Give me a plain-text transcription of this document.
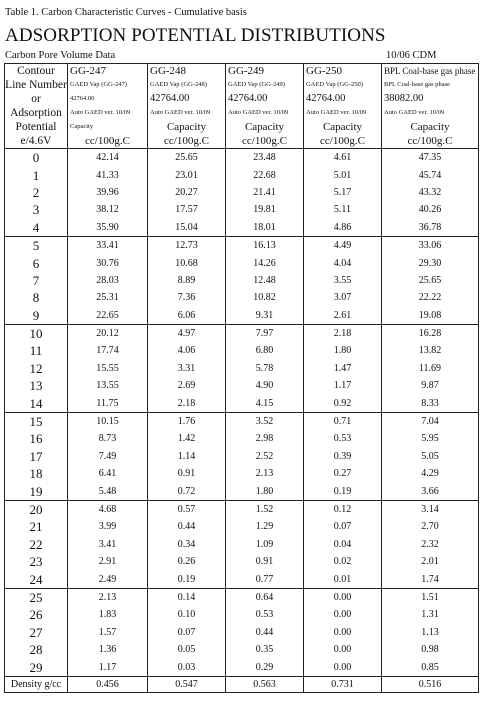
Table 1. Carbon Characteristic Curves - Cumulative basis
ADSORPTION POTENTIAL DISTRIBUTIONS
Carbon Pore Volume Data	10/06 CDM
Contour	GG-247	GG-248	GG-249	GG-250	BPL Coal-base gas phase
Line Number	GAED Vap (GG-247)	GAED Vap (GG-248)	GAED Vap (GG-249)	GAED Vap (GG-250)	BPL Coal-base gas phase
or	42764.00	42764.00	42764.00	42764.00	38082.00
Adsorption	Auto GAED ver. 10/09	Auto GAED ver. 10/09	Auto GAED ver. 10/09	Auto GAED ver. 10/09	Auto GAED ver. 10/09
Potential	Capacity	Capacity	Capacity	Capacity	Capacity
e/4.6V	cc/100g.C	cc/100g.C	cc/100g.C	cc/100g.C	cc/100g.C
0	42.14	25.65	23.48	4.61	47.35
1	41.33	23.01	22.68	5.01	45.74
2	39.96	20.27	21.41	5.17	43.32
3	38.12	17.57	19.81	5.11	40.26
4	35.90	15.04	18.01	4.86	36.78
5	33.41	12.73	16.13	4.49	33.06
6	30.76	10.68	14.26	4.04	29.30
7	28.03	8.89	12.48	3.55	25.65
8	25.31	7.36	10.82	3.07	22.22
9	22.65	6.06	9.31	2.61	19.08
10	20.12	4.97	7.97	2.18	16.28
11	17.74	4.06	6.80	1.80	13.82
12	15.55	3.31	5.78	1.47	11.69
13	13.55	2.69	4.90	1.17	9.87
14	11.75	2.18	4.15	0.92	8.33
15	10.15	1.76	3.52	0.71	7.04
16	8.73	1.42	2.98	0.53	5.95
17	7.49	1.14	2.52	0.39	5.05
18	6.41	0.91	2.13	0.27	4.29
19	5.48	0.72	1.80	0.19	3.66
20	4.68	0.57	1.52	0.12	3.14
21	3.99	0.44	1.29	0.07	2.70
22	3.41	0.34	1.09	0.04	2.32
23	2.91	0.26	0.91	0.02	2.01
24	2.49	0.19	0.77	0.01	1.74
25	2.13	0.14	0.64	0.00	1.51
26	1.83	0.10	0.53	0.00	1.31
27	1.57	0.07	0.44	0.00	1.13
28	1.36	0.05	0.35	0.00	0.98
29	1.17	0.03	0.29	0.00	0.85
Density g/cc	0.456	0.547	0.563	0.731	0.516
